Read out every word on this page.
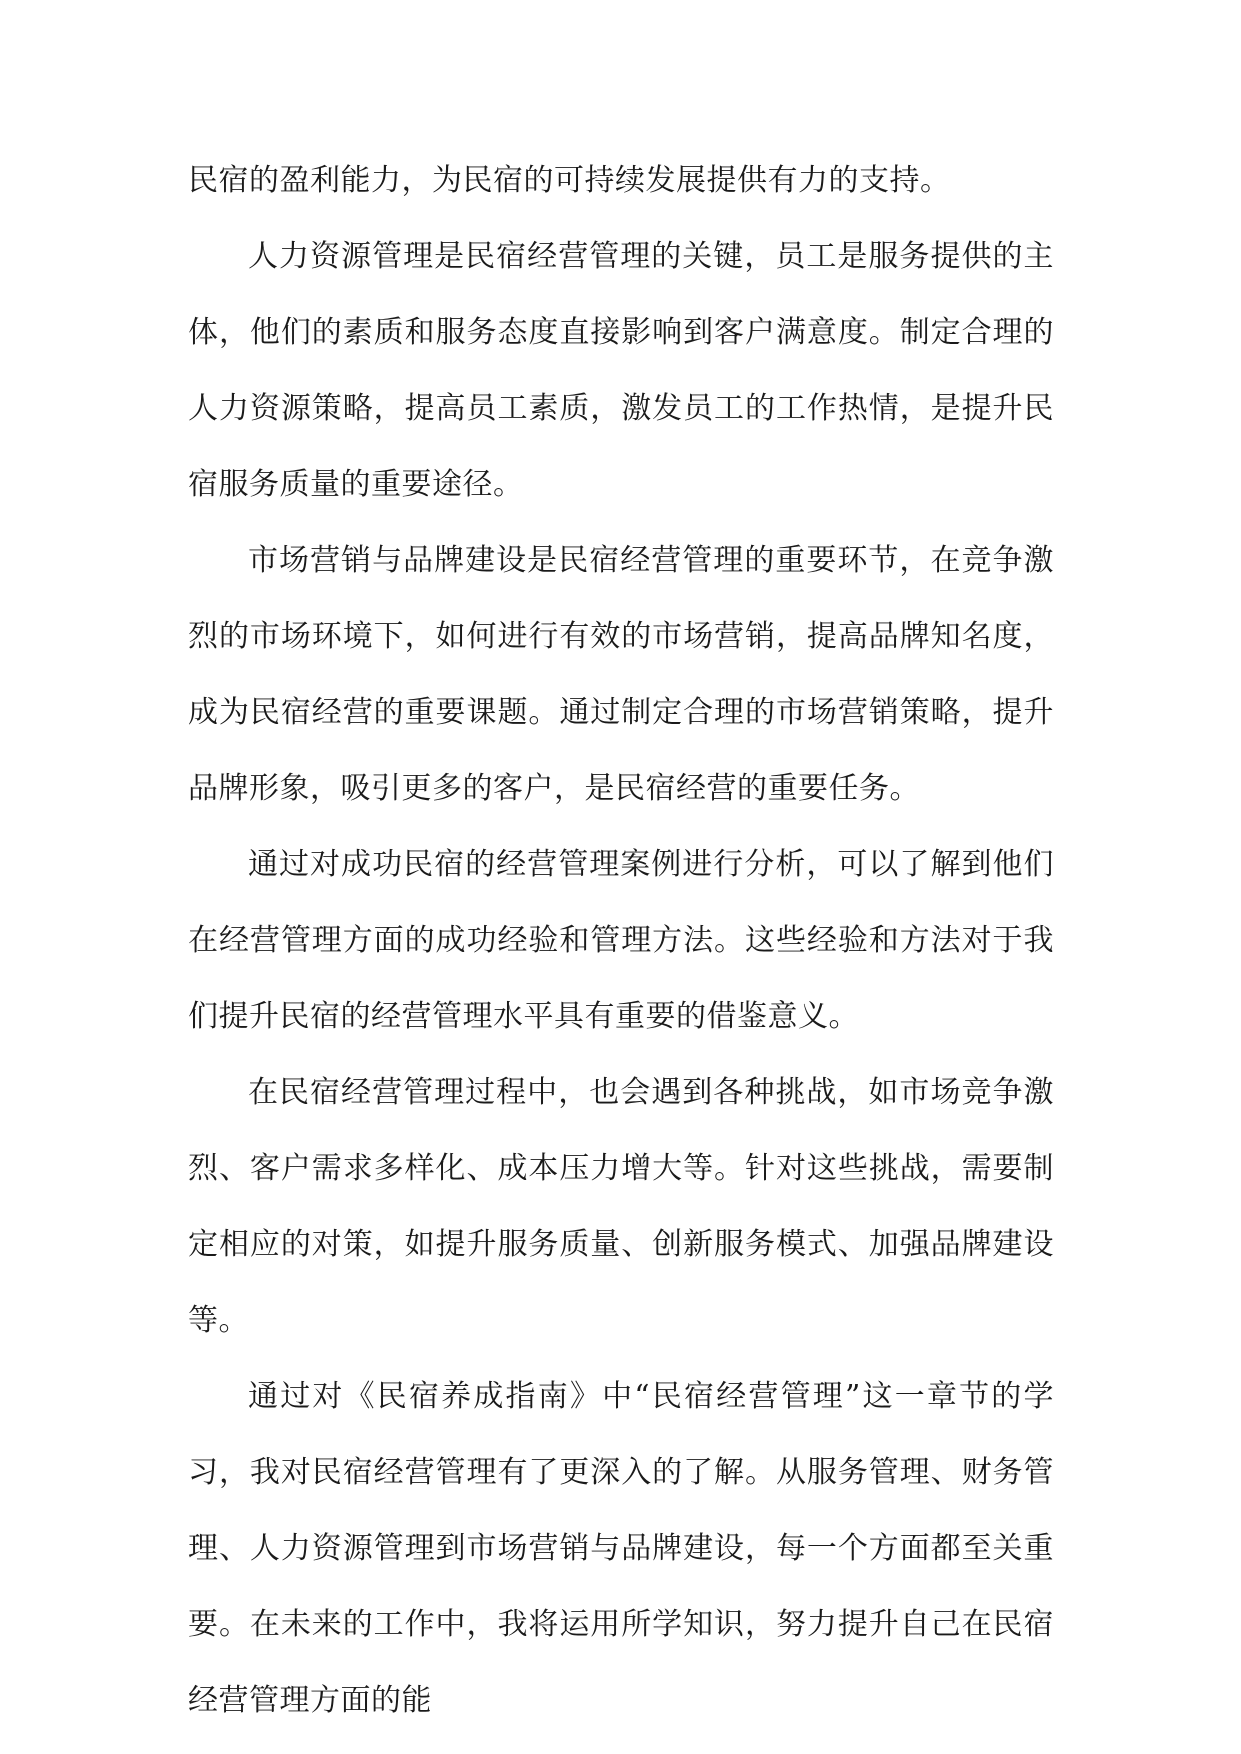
民宿的盈利能力，为民宿的可持续发展提供有力的支持。

人力资源管理是民宿经营管理的关键，员工是服务提供的主体，他们的素质和服务态度直接影响到客户满意度。制定合理的人力资源策略，提高员工素质，激发员工的工作热情，是提升民宿服务质量的重要途径。

市场营销与品牌建设是民宿经营管理的重要环节，在竞争激烈的市场环境下，如何进行有效的市场营销，提高品牌知名度，成为民宿经营的重要课题。通过制定合理的市场营销策略，提升品牌形象，吸引更多的客户，是民宿经营的重要任务。

通过对成功民宿的经营管理案例进行分析，可以了解到他们在经营管理方面的成功经验和管理方法。这些经验和方法对于我们提升民宿的经营管理水平具有重要的借鉴意义。

在民宿经营管理过程中，也会遇到各种挑战，如市场竞争激烈、客户需求多样化、成本压力增大等。针对这些挑战，需要制定相应的对策，如提升服务质量、创新服务模式、加强品牌建设等。

通过对《民宿养成指南》中“民宿经营管理”这一章节的学习，我对民宿经营管理有了更深入的了解。从服务管理、财务管理、人力资源管理到市场营销与品牌建设，每一个方面都至关重要。在未来的工作中，我将运用所学知识，努力提升自己在民宿经营管理方面的能
